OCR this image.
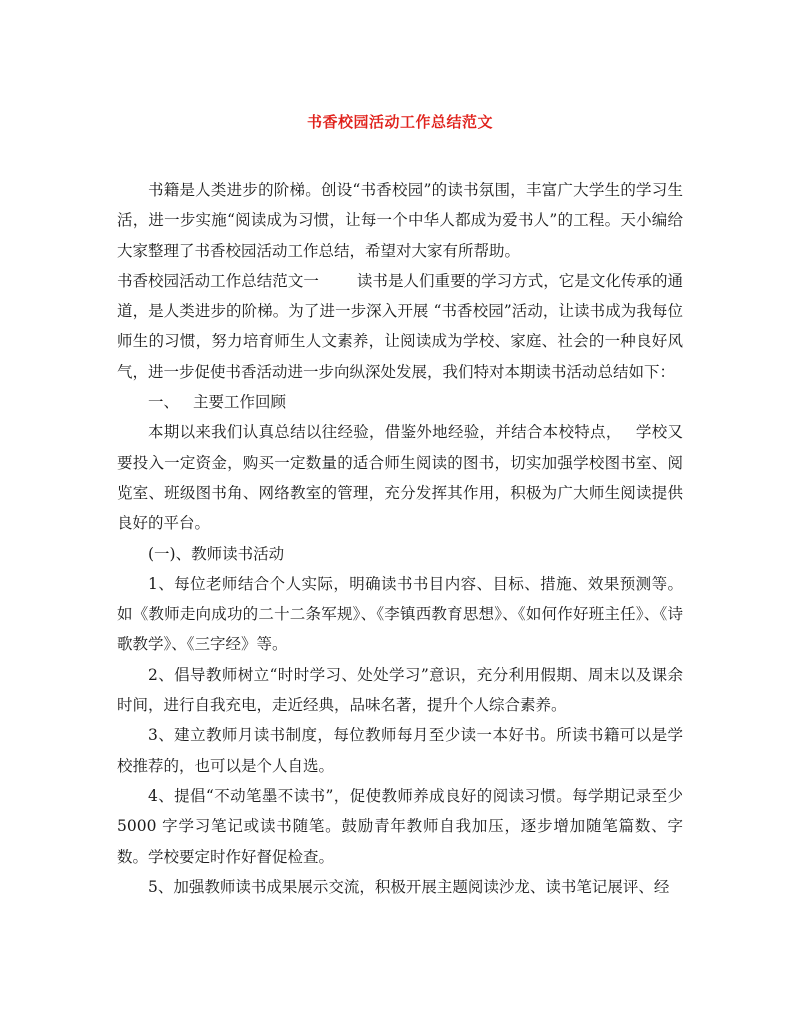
书香校园活动工作总结范文

书籍是人类进步的阶梯。创设“书香校园”的读书氛围，丰富广大学生的学习生活，进一步实施“阅读成为习惯，让每一个中华人都成为爱书人”的工程。天小编给大家整理了书香校园活动工作总结，希望对大家有所帮助。

书香校园活动工作总结范文一 读书是人们重要的学习方式，它是文化传承的通道，是人类进步的阶梯。为了进一步深入开展 “书香校园”活动，让读书成为我每位师生的习惯，努力培育师生人文素养，让阅读成为学校、家庭、社会的一种良好风气，进一步促使书香活动进一步向纵深处发展，我们特对本期读书活动总结如下：

一、 主要工作回顾

本期以来我们认真总结以往经验，借鉴外地经验，并结合本校特点， 学校又要投入一定资金，购买一定数量的适合师生阅读的图书，切实加强学校图书室、阅览室、班级图书角、网络教室的管理，充分发挥其作用，积极为广大师生阅读提供良好的平台。

(一)、教师读书活动

1、每位老师结合个人实际，明确读书书目内容、目标、措施、效果预测等。如《教师走向成功的二十二条军规》、《李镇西教育思想》、《如何作好班主任》、《诗歌教学》、《三字经》等。

2、倡导教师树立“时时学习、处处学习”意识，充分利用假期、周末以及课余时间，进行自我充电，走近经典，品味名著，提升个人综合素养。

3、建立教师月读书制度，每位教师每月至少读一本好书。所读书籍可以是学校推荐的，也可以是个人自选。

4、提倡“不动笔墨不读书”，促使教师养成良好的阅读习惯。每学期记录至少 5000 字学习笔记或读书随笔。鼓励青年教师自我加压，逐步增加随笔篇数、字数。学校要定时作好督促检查。

5、加强教师读书成果展示交流，积极开展主题阅读沙龙、读书笔记展评、经
